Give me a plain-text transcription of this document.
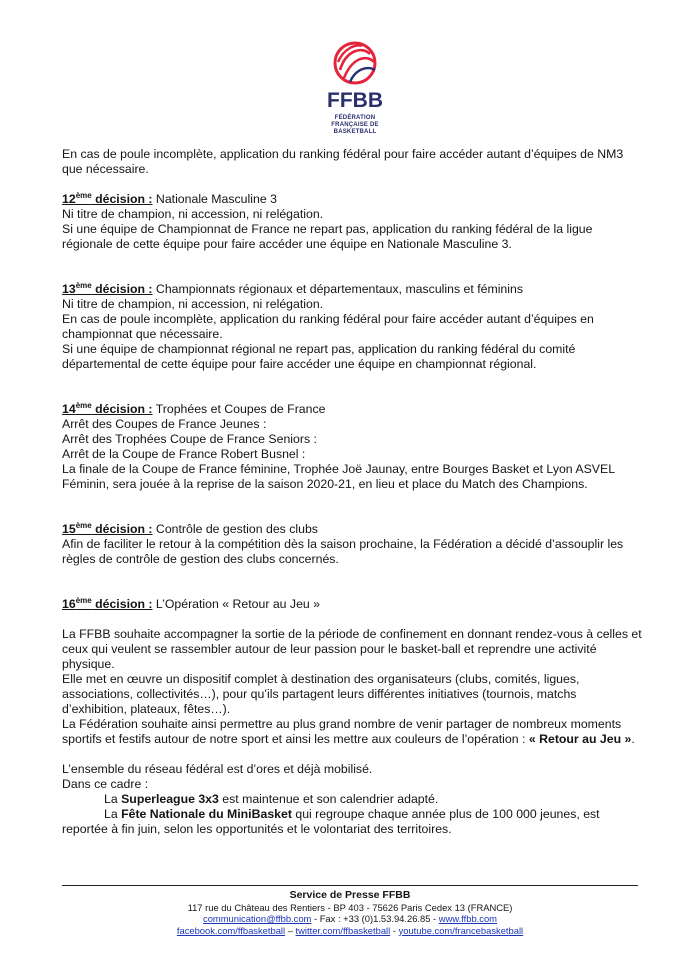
FFBB
FÉDÉRATION
FRANÇAISE DE
BASKETBALL

En cas de poule incomplète, application du ranking fédéral pour faire accéder autant d’équipes de NM3 que nécessaire.

12ème décision : Nationale Masculine 3

Ni titre de champion, ni accession, ni relégation.

Si une équipe de Championnat de France ne repart pas, application du ranking fédéral de la ligue régionale de cette équipe pour faire accéder une équipe en Nationale Masculine 3.

13ème décision : Championnats régionaux et départementaux, masculins et féminins

Ni titre de champion, ni accession, ni relégation.

En cas de poule incomplète, application du ranking fédéral pour faire accéder autant d’équipes en championnat que nécessaire.

Si une équipe de championnat régional ne repart pas, application du ranking fédéral du comité départemental de cette équipe pour faire accéder une équipe en championnat régional.

14ème décision : Trophées et Coupes de France

Arrêt des Coupes de France Jeunes :

Arrêt des Trophées Coupe de France Seniors :

Arrêt de la Coupe de France Robert Busnel :

La finale de la Coupe de France féminine, Trophée Joë Jaunay, entre Bourges Basket et Lyon ASVEL Féminin, sera jouée à la reprise de la saison 2020-21, en lieu et place du Match des Champions.

15ème décision : Contrôle de gestion des clubs

Afin de faciliter le retour à la compétition dès la saison prochaine, la Fédération a décidé d’assouplir les règles de contrôle de gestion des clubs concernés.

16ème décision : L’Opération « Retour au Jeu »

La FFBB souhaite accompagner la sortie de la période de confinement en donnant rendez-vous à celles et ceux qui veulent se rassembler autour de leur passion pour le basket-ball et reprendre une activité physique.

Elle met en œuvre un dispositif complet à destination des organisateurs (clubs, comités, ligues, associations, collectivités…), pour qu’ils partagent leurs différentes initiatives (tournois, matchs d’exhibition, plateaux, fêtes…).

La Fédération souhaite ainsi permettre au plus grand nombre de venir partager de nombreux moments sportifs et festifs autour de notre sport et ainsi les mettre aux couleurs de l’opération : « Retour au Jeu ».

L’ensemble du réseau fédéral est d’ores et déjà mobilisé.

Dans ce cadre :

La Superleague 3x3 est maintenue et son calendrier adapté.

La Fête Nationale du MiniBasket qui regroupe chaque année plus de 100 000 jeunes, est reportée à fin juin, selon les opportunités et le volontariat des territoires.

Service de Presse FFBB
117 rue du Château des Rentiers - BP 403 - 75626 Paris Cedex 13 (FRANCE)
communication@ffbb.com - Fax : +33 (0)1.53.94.26.85 - www.ffbb.com
facebook.com/ffbasketball – twitter.com/ffbasketball - youtube.com/francebasketball
